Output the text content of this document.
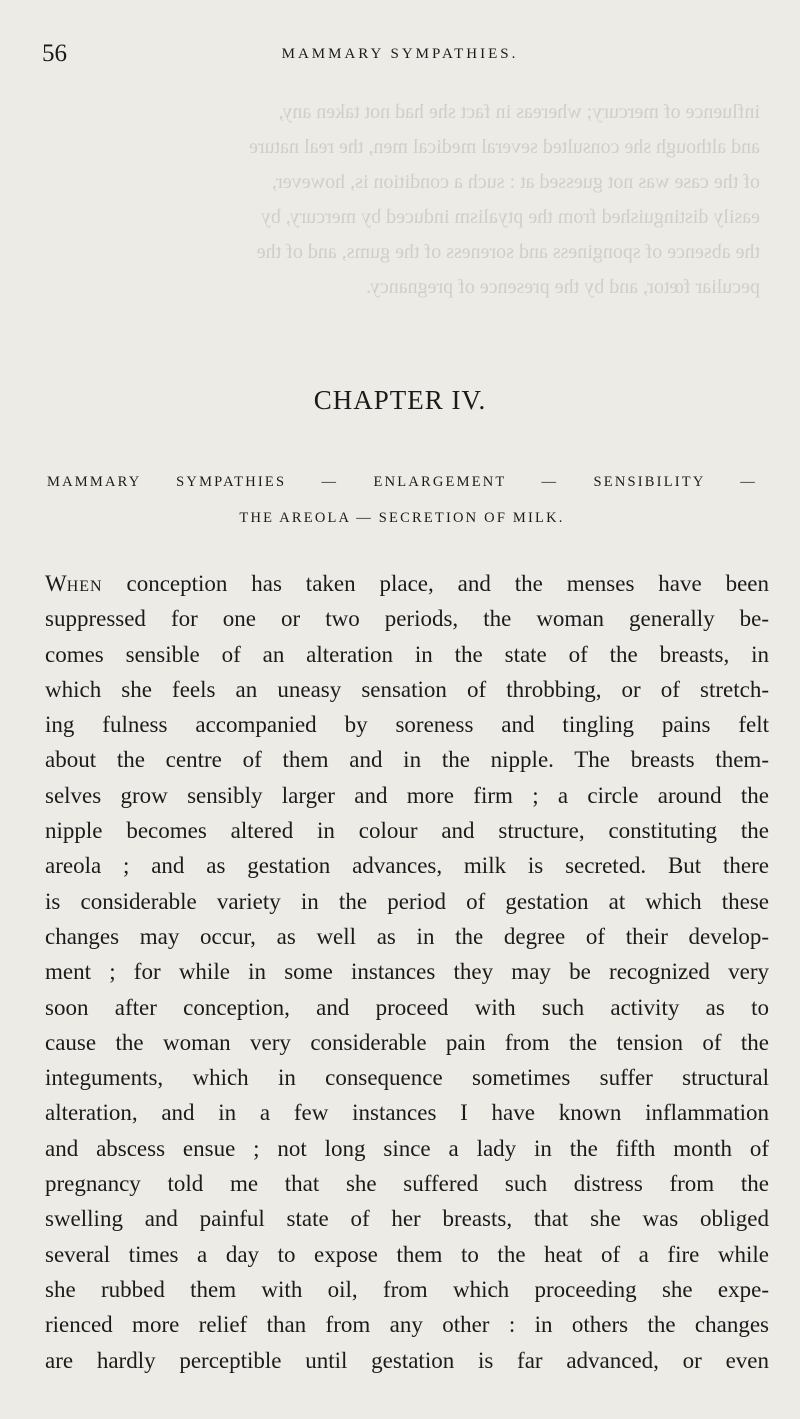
56	MAMMARY SYMPATHIES.

influence of mercury; whereas in fact she had not taken any,

and although she consulted several medical men, the real nature

of the case was not guessed at : such a condition is, however,

easily distinguished from the ptyalism induced by mercury, by

the absence of sponginess and soreness of the gums, and of the

peculiar fœtor, and by the presence of pregnancy.

CHAPTER IV.
MAMMARY SYMPATHIES — ENLARGEMENT — SENSIBILITY —
THE AREOLA — SECRETION OF MILK.
When conception has taken place, and the menses have been
suppressed for one or two periods, the woman generally be-
comes sensible of an alteration in the state of the breasts, in
which she feels an uneasy sensation of throbbing, or of stretch-
ing fulness accompanied by soreness and tingling pains felt
about the centre of them and in the nipple. The breasts them-
selves grow sensibly larger and more firm ; a circle around the
nipple becomes altered in colour and structure, constituting the
areola ; and as gestation advances, milk is secreted. But there
is considerable variety in the period of gestation at which these
changes may occur, as well as in the degree of their develop-
ment ; for while in some instances they may be recognized very
soon after conception, and proceed with such activity as to
cause the woman very considerable pain from the tension of the
integuments, which in consequence sometimes suffer structural
alteration, and in a few instances I have known inflammation
and abscess ensue ; not long since a lady in the fifth month of
pregnancy told me that she suffered such distress from the
swelling and painful state of her breasts, that she was obliged
several times a day to expose them to the heat of a fire while
she rubbed them with oil, from which proceeding she expe-
rienced more relief than from any other : in others the changes
are hardly perceptible until gestation is far advanced, or even
